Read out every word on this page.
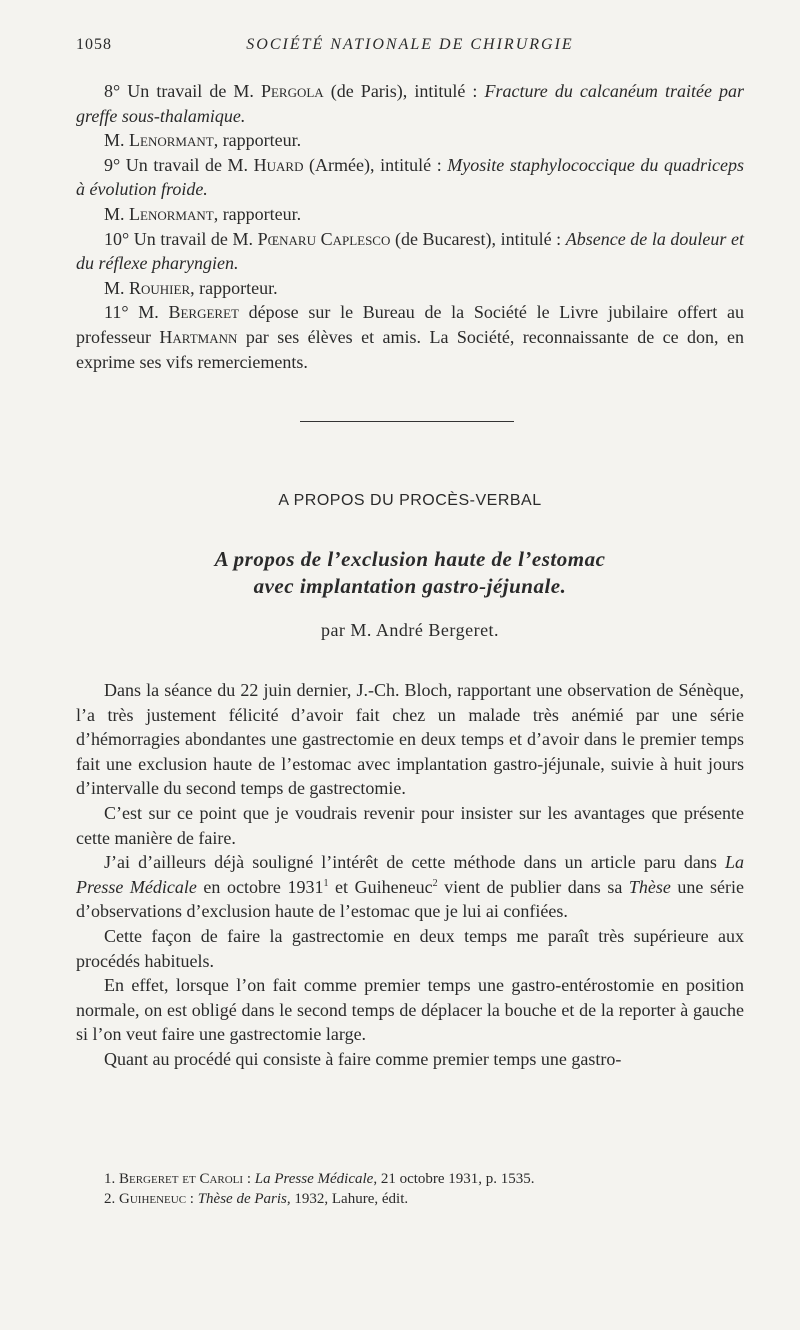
1058	SOCIÉTÉ NATIONALE DE CHIRURGIE

8° Un travail de M. Pergola (de Paris), intitulé : Fracture du calcanéum traitée par greffe sous-thalamique.

M. Lenormant, rapporteur.

9° Un travail de M. Huard (Armée), intitulé : Myosite staphylococcique du quadriceps à évolution froide.

M. Lenormant, rapporteur.

10° Un travail de M. Pœnaru Caplesco (de Bucarest), intitulé : Absence de la douleur et du réflexe pharyngien.

M. Rouhier, rapporteur.

11° M. Bergeret dépose sur le Bureau de la Société le Livre jubilaire offert au professeur Hartmann par ses élèves et amis. La Société, reconnaissante de ce don, en exprime ses vifs remerciements.

A PROPOS DU PROCÈS-VERBAL
A propos de l’exclusion haute de l’estomac
avec implantation gastro-jéjunale.
par M. André Bergeret.

Dans la séance du 22 juin dernier, J.-Ch. Bloch, rapportant une observation de Sénèque, l’a très justement félicité d’avoir fait chez un malade très anémié par une série d’hémorragies abondantes une gastrectomie en deux temps et d’avoir dans le premier temps fait une exclusion haute de l’estomac avec implantation gastro-jéjunale, suivie à huit jours d’intervalle du second temps de gastrectomie.

C’est sur ce point que je voudrais revenir pour insister sur les avantages que présente cette manière de faire.

J’ai d’ailleurs déjà souligné l’intérêt de cette méthode dans un article paru dans La Presse Médicale en octobre 1931$^1$ et Guiheneuc$^2$ vient de publier dans sa Thèse une série d’observations d’exclusion haute de l’estomac que je lui ai confiées.

Cette façon de faire la gastrectomie en deux temps me paraît très supérieure aux procédés habituels.

En effet, lorsque l’on fait comme premier temps une gastro-entérostomie en position normale, on est obligé dans le second temps de déplacer la bouche et de la reporter à gauche si l’on veut faire une gastrectomie large.

Quant au procédé qui consiste à faire comme premier temps une gastro-

1. Bergeret et Caroli : La Presse Médicale, 21 octobre 1931, p. 1535.

2. Guiheneuc : Thèse de Paris, 1932, Lahure, édit.
